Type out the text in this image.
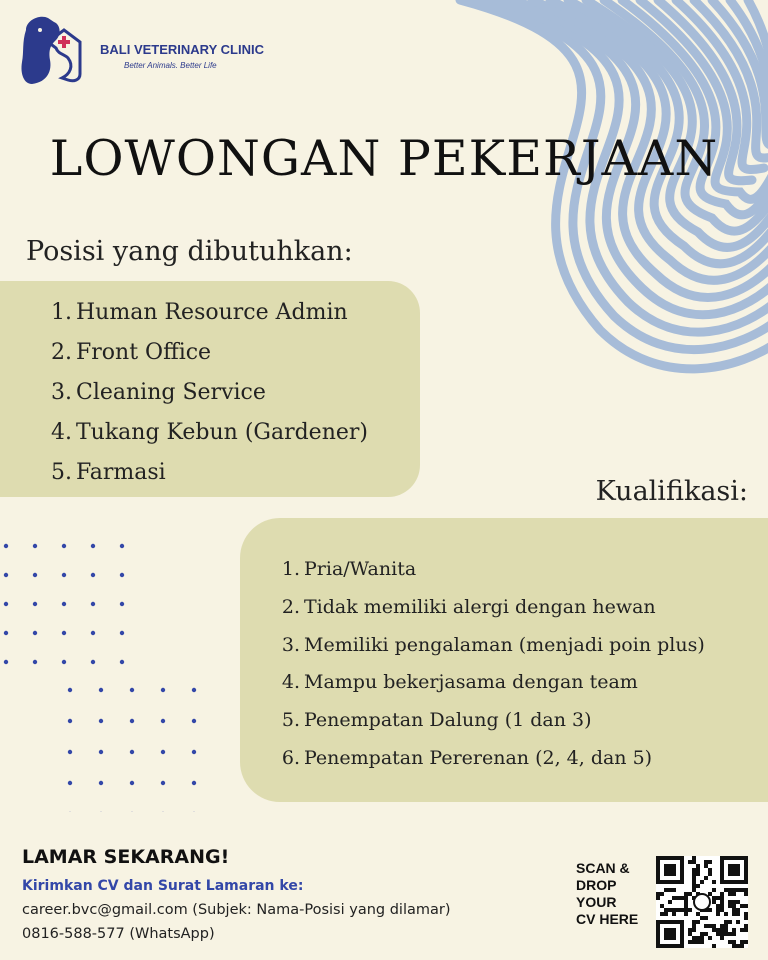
BALI VETERINARY CLINIC
Better Animals. Better Life
LOWONGAN PEKERJAAN
Posisi yang dibutuhkan:
1. Human Resource Admin
2. Front Office
3. Cleaning Service
4. Tukang Kebun (Gardener)
5. Farmasi
Kualifikasi:
1. Pria/Wanita
2. Tidak memiliki alergi dengan hewan
3. Memiliki pengalaman (menjadi poin plus)
4. Mampu bekerjasama dengan team
5. Penempatan Dalung (1 dan 3)
6. Penempatan Pererenan (2, 4, dan 5)
LAMAR SEKARANG!
Kirimkan CV dan Surat Lamaran ke:
career.bvc@gmail.com (Subjek: Nama-Posisi yang dilamar)
0816-588-577 (WhatsApp)
SCAN &
DROP
YOUR
CV HERE
